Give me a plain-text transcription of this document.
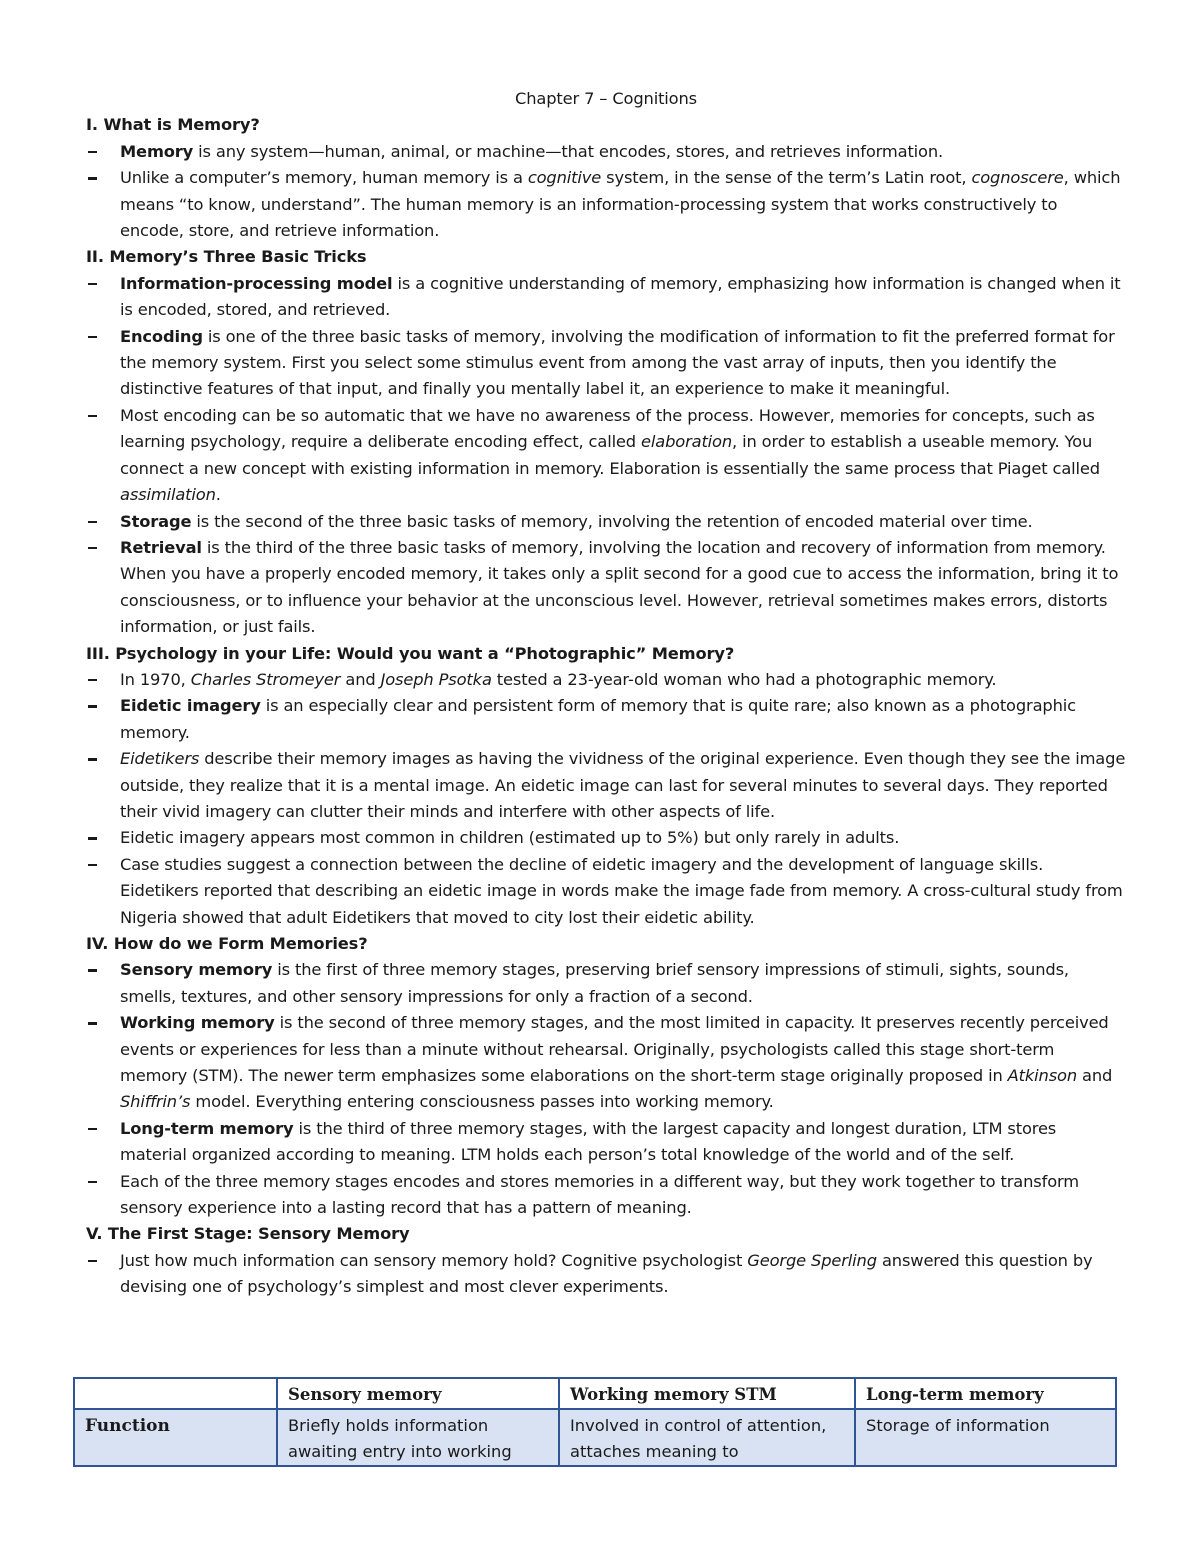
Chapter 7 – Cognitions

I. What is Memory?

Memory is any system—human, animal, or machine—that encodes, stores, and retrieves information.
Unlike a computer’s memory, human memory is a cognitive system, in the sense of the term’s Latin root, cognoscere, which means “to know, understand”. The human memory is an information-processing system that works constructively to encode, store, and retrieve information.

II. Memory’s Three Basic Tricks

Information-processing model is a cognitive understanding of memory, emphasizing how information is changed when it is encoded, stored, and retrieved.
Encoding is one of the three basic tasks of memory, involving the modification of information to fit the preferred format for the memory system. First you select some stimulus event from among the vast array of inputs, then you identify the distinctive features of that input, and finally you mentally label it, an experience to make it meaningful.
Most encoding can be so automatic that we have no awareness of the process. However, memories for concepts, such as learning psychology, require a deliberate encoding effect, called elaboration, in order to establish a useable memory. You connect a new concept with existing information in memory. Elaboration is essentially the same process that Piaget called assimilation.
Storage is the second of the three basic tasks of memory, involving the retention of encoded material over time.
Retrieval is the third of the three basic tasks of memory, involving the location and recovery of information from memory. When you have a properly encoded memory, it takes only a split second for a good cue to access the information, bring it to consciousness, or to influence your behavior at the unconscious level. However, retrieval sometimes makes errors, distorts information, or just fails.

III. Psychology in your Life: Would you want a “Photographic” Memory?

In 1970, Charles Stromeyer and Joseph Psotka tested a 23-year-old woman who had a photographic memory.
Eidetic imagery is an especially clear and persistent form of memory that is quite rare; also known as a photographic memory.
Eidetikers describe their memory images as having the vividness of the original experience. Even though they see the image outside, they realize that it is a mental image. An eidetic image can last for several minutes to several days. They reported their vivid imagery can clutter their minds and interfere with other aspects of life.
Eidetic imagery appears most common in children (estimated up to 5%) but only rarely in adults.
Case studies suggest a connection between the decline of eidetic imagery and the development of language skills. Eidetikers reported that describing an eidetic image in words make the image fade from memory. A cross-cultural study from Nigeria showed that adult Eidetikers that moved to city lost their eidetic ability.

IV. How do we Form Memories?

Sensory memory is the first of three memory stages, preserving brief sensory impressions of stimuli, sights, sounds, smells, textures, and other sensory impressions for only a fraction of a second.
Working memory is the second of three memory stages, and the most limited in capacity. It preserves recently perceived events or experiences for less than a minute without rehearsal. Originally, psychologists called this stage short-term memory (STM). The newer term emphasizes some elaborations on the short-term stage originally proposed in Atkinson and Shiffrin’s model. Everything entering consciousness passes into working memory.
Long-term memory is the third of three memory stages, with the largest capacity and longest duration, LTM stores material organized according to meaning. LTM holds each person’s total knowledge of the world and of the self.
Each of the three memory stages encodes and stores memories in a different way, but they work together to transform sensory experience into a lasting record that has a pattern of meaning.

V. The First Stage: Sensory Memory

Just how much information can sensory memory hold? Cognitive psychologist George Sperling answered this question by devising one of psychology’s simplest and most clever experiments.
	Sensory memory	Working memory STM	Long-term memory
Function	Briefly holds information awaiting entry into working	Involved in control of attention, attaches meaning to	Storage of information
